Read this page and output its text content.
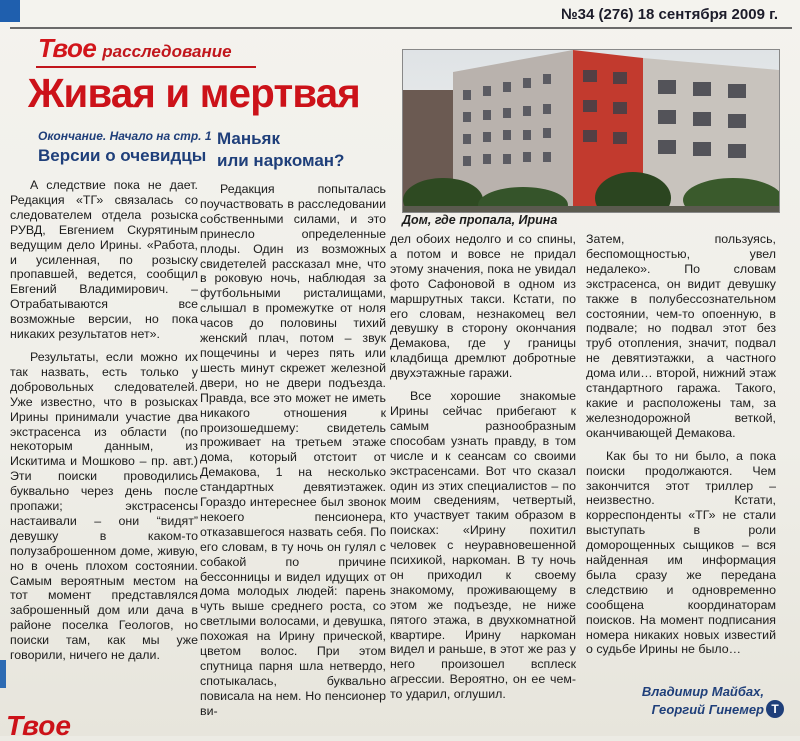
№34 (276) 18 сентября 2009 г.
Твое расследование
Живая и мертвая
Окончание. Начало на стр. 1
Версии о очевидцы
Маньяк
или наркоман?
Дом, где пропала, Ирина

А следствие пока не дает. Редакция «ТГ» связалась со следователем отдела розыска РУВД, Евгением Скурятиным ведущим дело Ирины. «Работа, и усиленная, по розыску пропавшей, ведется, сообщил Евгений Владимирович. – Отрабатываются все возможные версии, но пока никаких результатов нет».

Результаты, если можно их так назвать, есть только у добровольных следователей. Уже известно, что в розысках Ирины принимали участие два экстрасенса из области (по некоторым данным, из Искитима и Мошково – пр. авт.) Эти поиски проводились буквально через день после пропажи; экстрасенсы настаивали – они “видят” девушку в каком-то полузаброшенном доме, живую, но в очень плохом состоянии. Самым вероятным местом на тот момент представлялся заброшенный дом или дача в районе поселка Геологов, но поиски там, как мы уже говорили, ничего не дали.

Редакция попыталась поучаствовать в расследовании собственными силами, и это принесло определенные плоды. Один из возможных свидетелей рассказал мне, что в роковую ночь, наблюдая за футбольными ристалищами, слышал в промежутке от ноля часов до половины тихий женский плач, потом – звук пощечины и через пять или шесть минут скрежет железной двери, но не двери подъезда. Правда, все это может не иметь никакого отношения к произошедшему: свидетель проживает на третьем этаже дома, который отстоит от Демакова, 1 на несколько стандартных девятиэтажек. Гораздо интереснее был звонок некоего пенсионера, отказавшегося назвать себя. По его словам, в ту ночь он гулял с собакой по причине бессонницы и видел идущих от дома молодых людей: парень чуть выше среднего роста, со светлыми волосами, и девушка, похожая на Ирину прической, цветом волос. При этом спутница парня шла нетвердо, спотыкалась, буквально повисала на нем. Но пенсионер ви-

дел обоих недолго и со спины, а потом и вовсе не придал этому значения, пока не увидал фото Сафоновой в одном из маршрутных такси. Кстати, по его словам, незнакомец вел девушку в сторону окончания Демакова, где у границы кладбища дремлют добротные двухэтажные гаражи.

Все хорошие знакомые Ирины сейчас прибегают к самым разнообразным способам узнать правду, в том числе и к сеансам со своими экстрасенсами. Вот что сказал один из этих специалистов – по моим сведениям, четвертый, кто участвует таким образом в поисках: «Ирину похитил человек с неуравновешенной психикой, наркоман. В ту ночь он приходил к своему знакомому, проживающему в этом же подъезде, не ниже пятого этажа, в двухкомнатной квартире. Ирину наркоман видел и раньше, в этот же раз у него произошел всплеск агрессии. Вероятно, он ее чем-то ударил, оглушил.

Затем, пользуясь, беспомощностью, увел недалеко». По словам экстрасенса, он видит девушку также в полубессознательном состоянии, чем-то опоенную, в подвале; но подвал этот без труб отопления, значит, подвал не девятиэтажки, а частного дома или… второй, нижний этаж стандартного гаража. Такого, какие и расположены там, за железнодорожной веткой, оканчивающей Демакова.

Как бы то ни было, а пока поиски продолжаются. Чем закончится этот триллер – неизвестно. Кстати, корреспонденты «ТГ» не стали выступать в роли доморощенных сыщиков – вся найденная им информация была сразу же передана следствию и одновременно сообщена координаторам поисков. На момент подписания номера никаких новых известий о судьбе Ирины не было…

Владимир Майбах,
Георгий Гинемер Т
Твое
